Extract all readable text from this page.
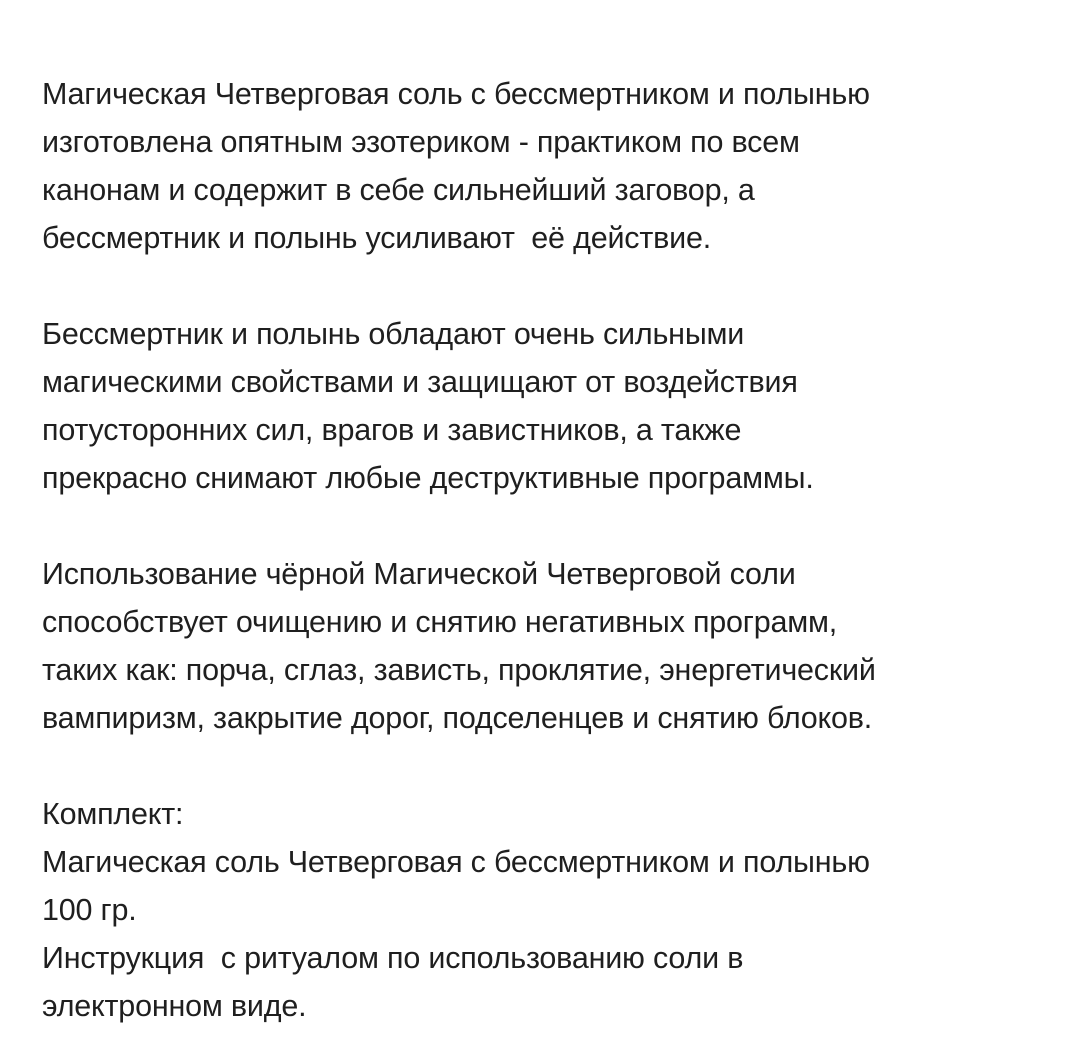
Магическая Четверговая соль с бессмертником и полынью
изготовлена опятным эзотериком - практиком по всем
канонам и содержит в себе сильнейший заговор, а
бессмертник и полынь усиливают  её действие.

Бессмертник и полынь обладают очень сильными
магическими свойствами и защищают от воздействия
потусторонних сил, врагов и завистников, а также
прекрасно снимают любые деструктивные программы.

Использование чёрной Магической Четверговой соли
способствует очищению и снятию негативных программ,
таких как: порча, сглаз, зависть, проклятие, энергетический
вампиризм, закрытие дорог, подселенцев и снятию блоков.

Комплект:
Магическая соль Четверговая с бессмертником и полынью
100 гр.
Инструкция  с ритуалом по использованию соли в
электронном виде.
